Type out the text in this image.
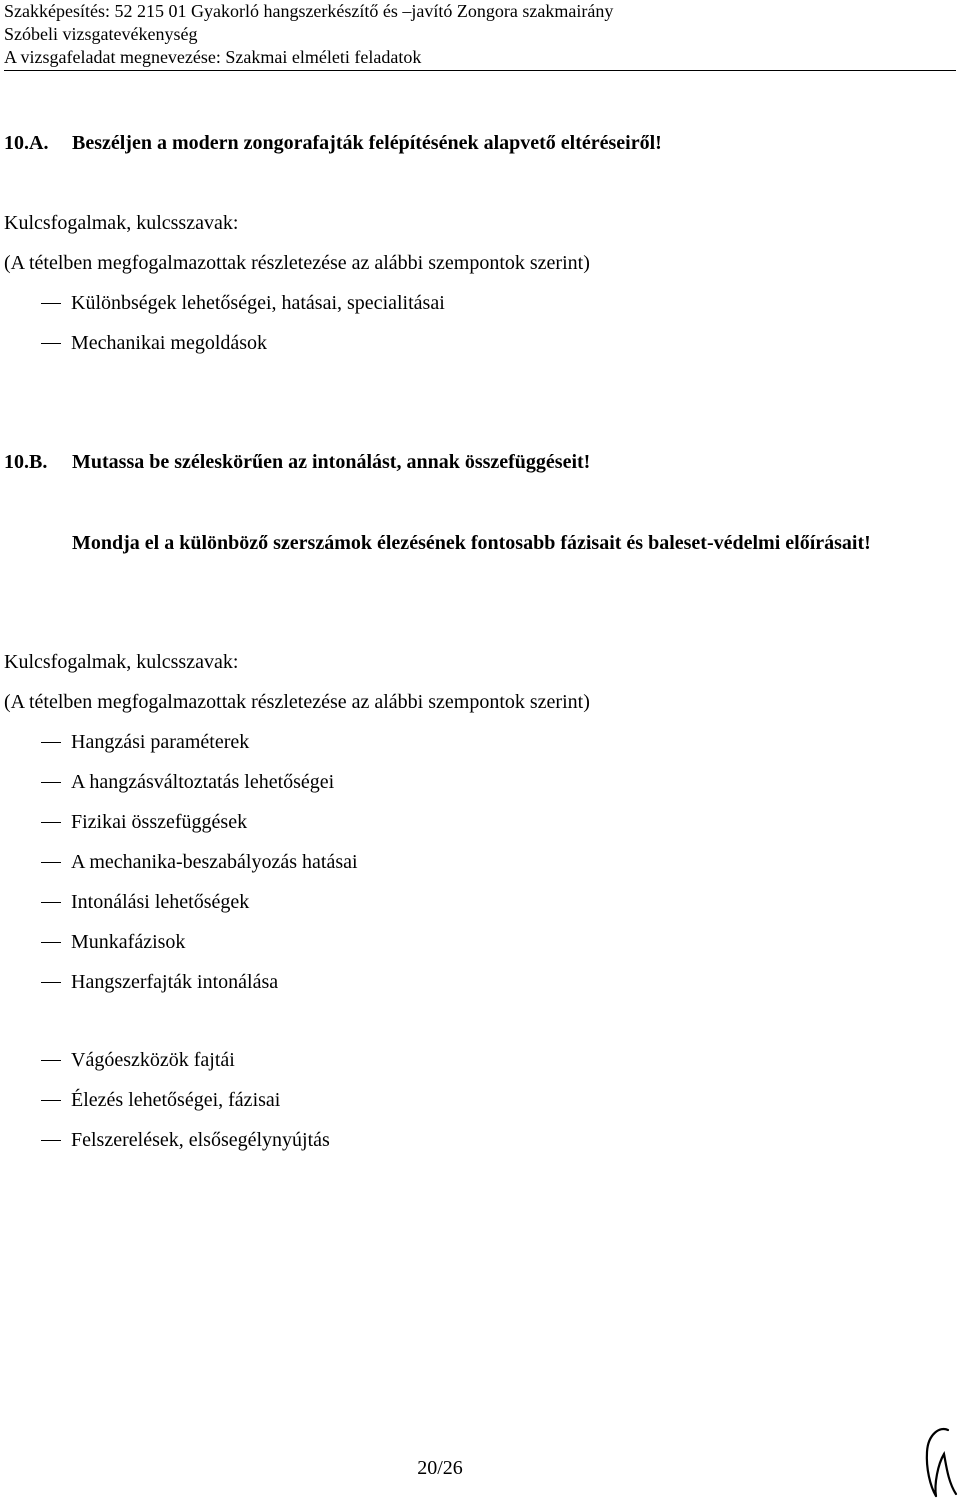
Szakképesítés: 52 215 01 Gyakorló hangszerkészítő és –javító Zongora szakmairány
Szóbeli vizsgatevékenység
A vizsgafeladat megnevezése: Szakmai elméleti feladatok
10.A. Beszéljen a modern zongorafajták felépítésének alapvető eltéréseiről!
Kulcsfogalmak, kulcsszavak:
(A tételben megfogalmazottak részletezése az alábbi szempontok szerint)
Különbségek lehetőségei, hatásai, specialitásai
Mechanikai megoldások
10.B. Mutassa be széleskörűen az intonálást, annak összefüggéseit!
Mondja el a különböző szerszámok élezésének fontosabb fázisait és baleset-védelmi előírásait!
Kulcsfogalmak, kulcsszavak:
(A tételben megfogalmazottak részletezése az alábbi szempontok szerint)
Hangzási paraméterek
A hangzásváltoztatás lehetőségei
Fizikai összefüggések
A mechanika-beszabályozás hatásai
Intonálási lehetőségek
Munkafázisok
Hangszerfajták intonálása
Vágóeszközök fajtái
Élezés lehetőségei, fázisai
Felszerelések, elsősegélynyújtás
20/26
